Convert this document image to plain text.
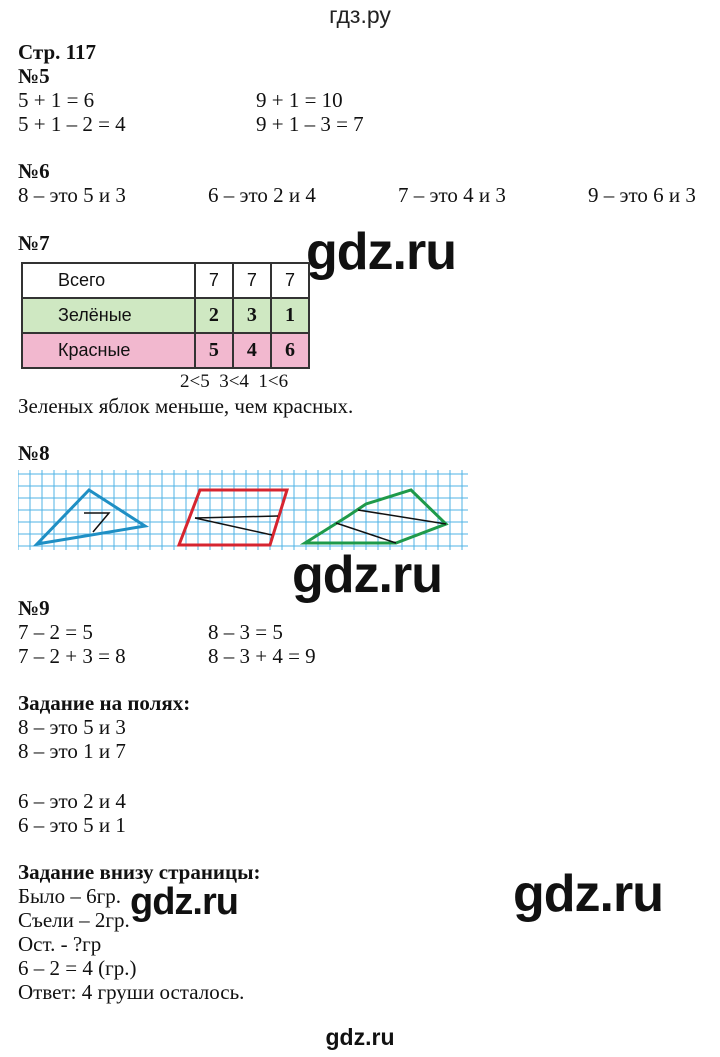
гдз.ру
Стр. 117
№5
5 + 1 = 6	9 + 1 = 10
5 + 1 – 2 = 4	9 + 1 – 3 = 7
№6
8 – это 5 и 3	6 – это 2 и 4	7 – это 4 и 3	9 – это 6 и 3
№7	gdz.ru
Всего	7	7	7
Зелёные	2	3	1
Красные	5	4	6
2<5  3<4  1<6
Зеленых яблок меньше, чем красных.
№8
gdz.ru
№9
7 – 2 = 5	8 – 3 = 5
7 – 2 + 3 = 8	8 – 3 + 4 = 9
Задание на полях:
8 – это 5 и 3
8 – это 1 и 7
6 – это 2 и 4
6 – это 5 и 1
Задание внизу страницы:
Было – 6гр.
Съели – 2гр.
Ост. - ?гр
6 – 2 = 4 (гр.)
Ответ: 4 груши осталось.
gdz.ru	gdz.ru
gdz.ru
